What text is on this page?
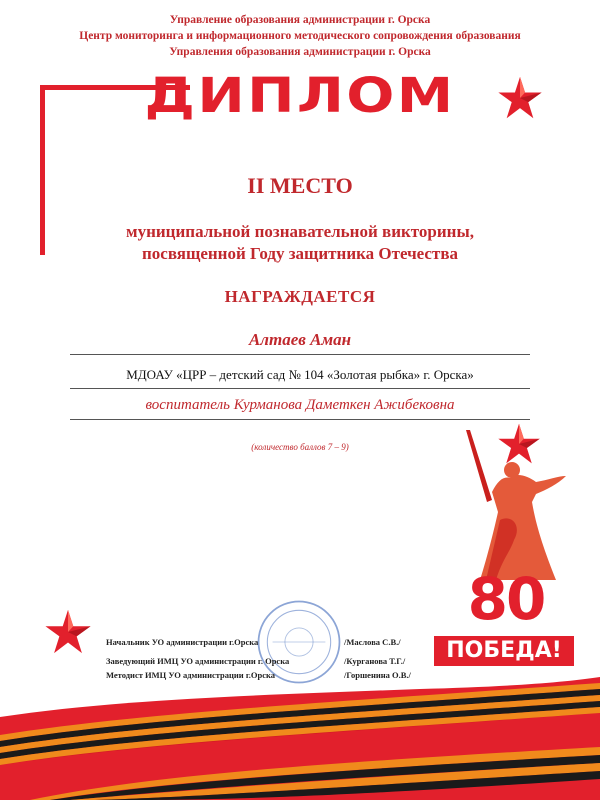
Управление образования администрации г. Орска
Центр мониторинга и информационного методического сопровождения образования
Управления образования администрации г. Орска
ДИПЛОМ
II МЕСТО
муниципальной познавательной викторины,
посвященной Году защитника Отечества
НАГРАЖДАЕТСЯ
Алтаев Аман
МДОАУ «ЦРР – детский сад № 104 «Золотая рыбка» г. Орска»
воспитатель Курманова Даметкен Ажибековна
(количество баллов 7 – 9)
80
ПОБЕДА!
Начальник УО администрации г.Орска	/Маслова С.В./
Заведующий ИМЦ УО администрации г. Орска	/Курганова Т.Г./
Методист ИМЦ УО администрации г.Орска	/Горшенина О.В./
